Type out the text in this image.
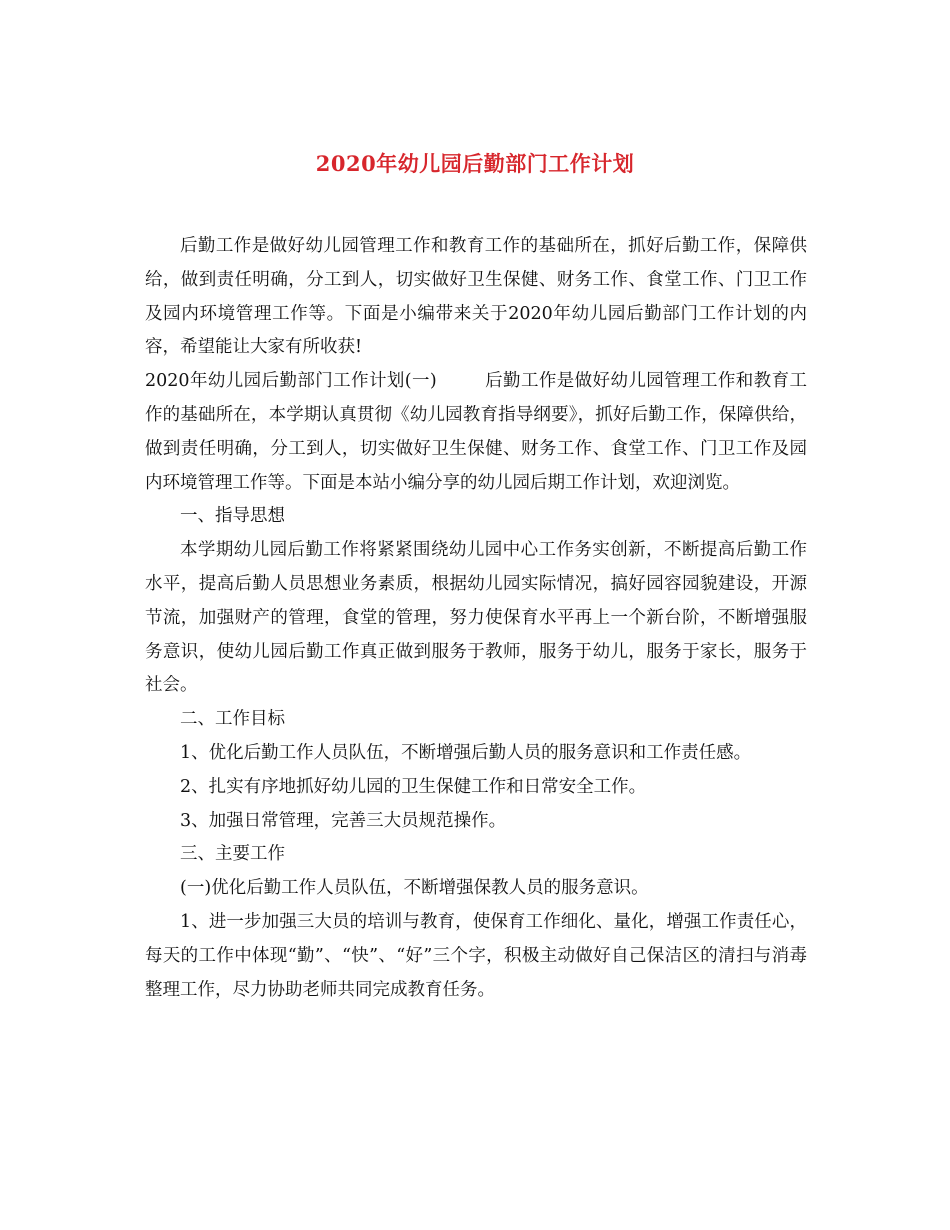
2020年幼儿园后勤部门工作计划

后勤工作是做好幼儿园管理工作和教育工作的基础所在，抓好后勤工作，保障供给，做到责任明确，分工到人，切实做好卫生保健、财务工作、食堂工作、门卫工作及园内环境管理工作等。下面是小编带来关于2020年幼儿园后勤部门工作计划的内容，希望能让大家有所收获!

2020年幼儿园后勤部门工作计划(一)	后勤工作是做好幼儿园管理工作和教育工作的基础所在，本学期认真贯彻《幼儿园教育指导纲要》，抓好后勤工作，保障供给，做到责任明确，分工到人，切实做好卫生保健、财务工作、食堂工作、门卫工作及园内环境管理工作等。下面是本站小编分享的幼儿园后期工作计划，欢迎浏览。

一、指导思想

本学期幼儿园后勤工作将紧紧围绕幼儿园中心工作务实创新，不断提高后勤工作水平，提高后勤人员思想业务素质，根据幼儿园实际情况，搞好园容园貌建设，开源节流，加强财产的管理，食堂的管理，努力使保育水平再上一个新台阶，不断增强服务意识，使幼儿园后勤工作真正做到服务于教师，服务于幼儿，服务于家长，服务于社会。

二、工作目标

1、优化后勤工作人员队伍，不断增强后勤人员的服务意识和工作责任感。

2、扎实有序地抓好幼儿园的卫生保健工作和日常安全工作。

3、加强日常管理，完善三大员规范操作。

三、主要工作

(一)优化后勤工作人员队伍，不断增强保教人员的服务意识。

1、进一步加强三大员的培训与教育，使保育工作细化、量化，增强工作责任心，每天的工作中体现“勤”、“快”、“好”三个字，积极主动做好自己保洁区的清扫与消毒整理工作，尽力协助老师共同完成教育任务。
